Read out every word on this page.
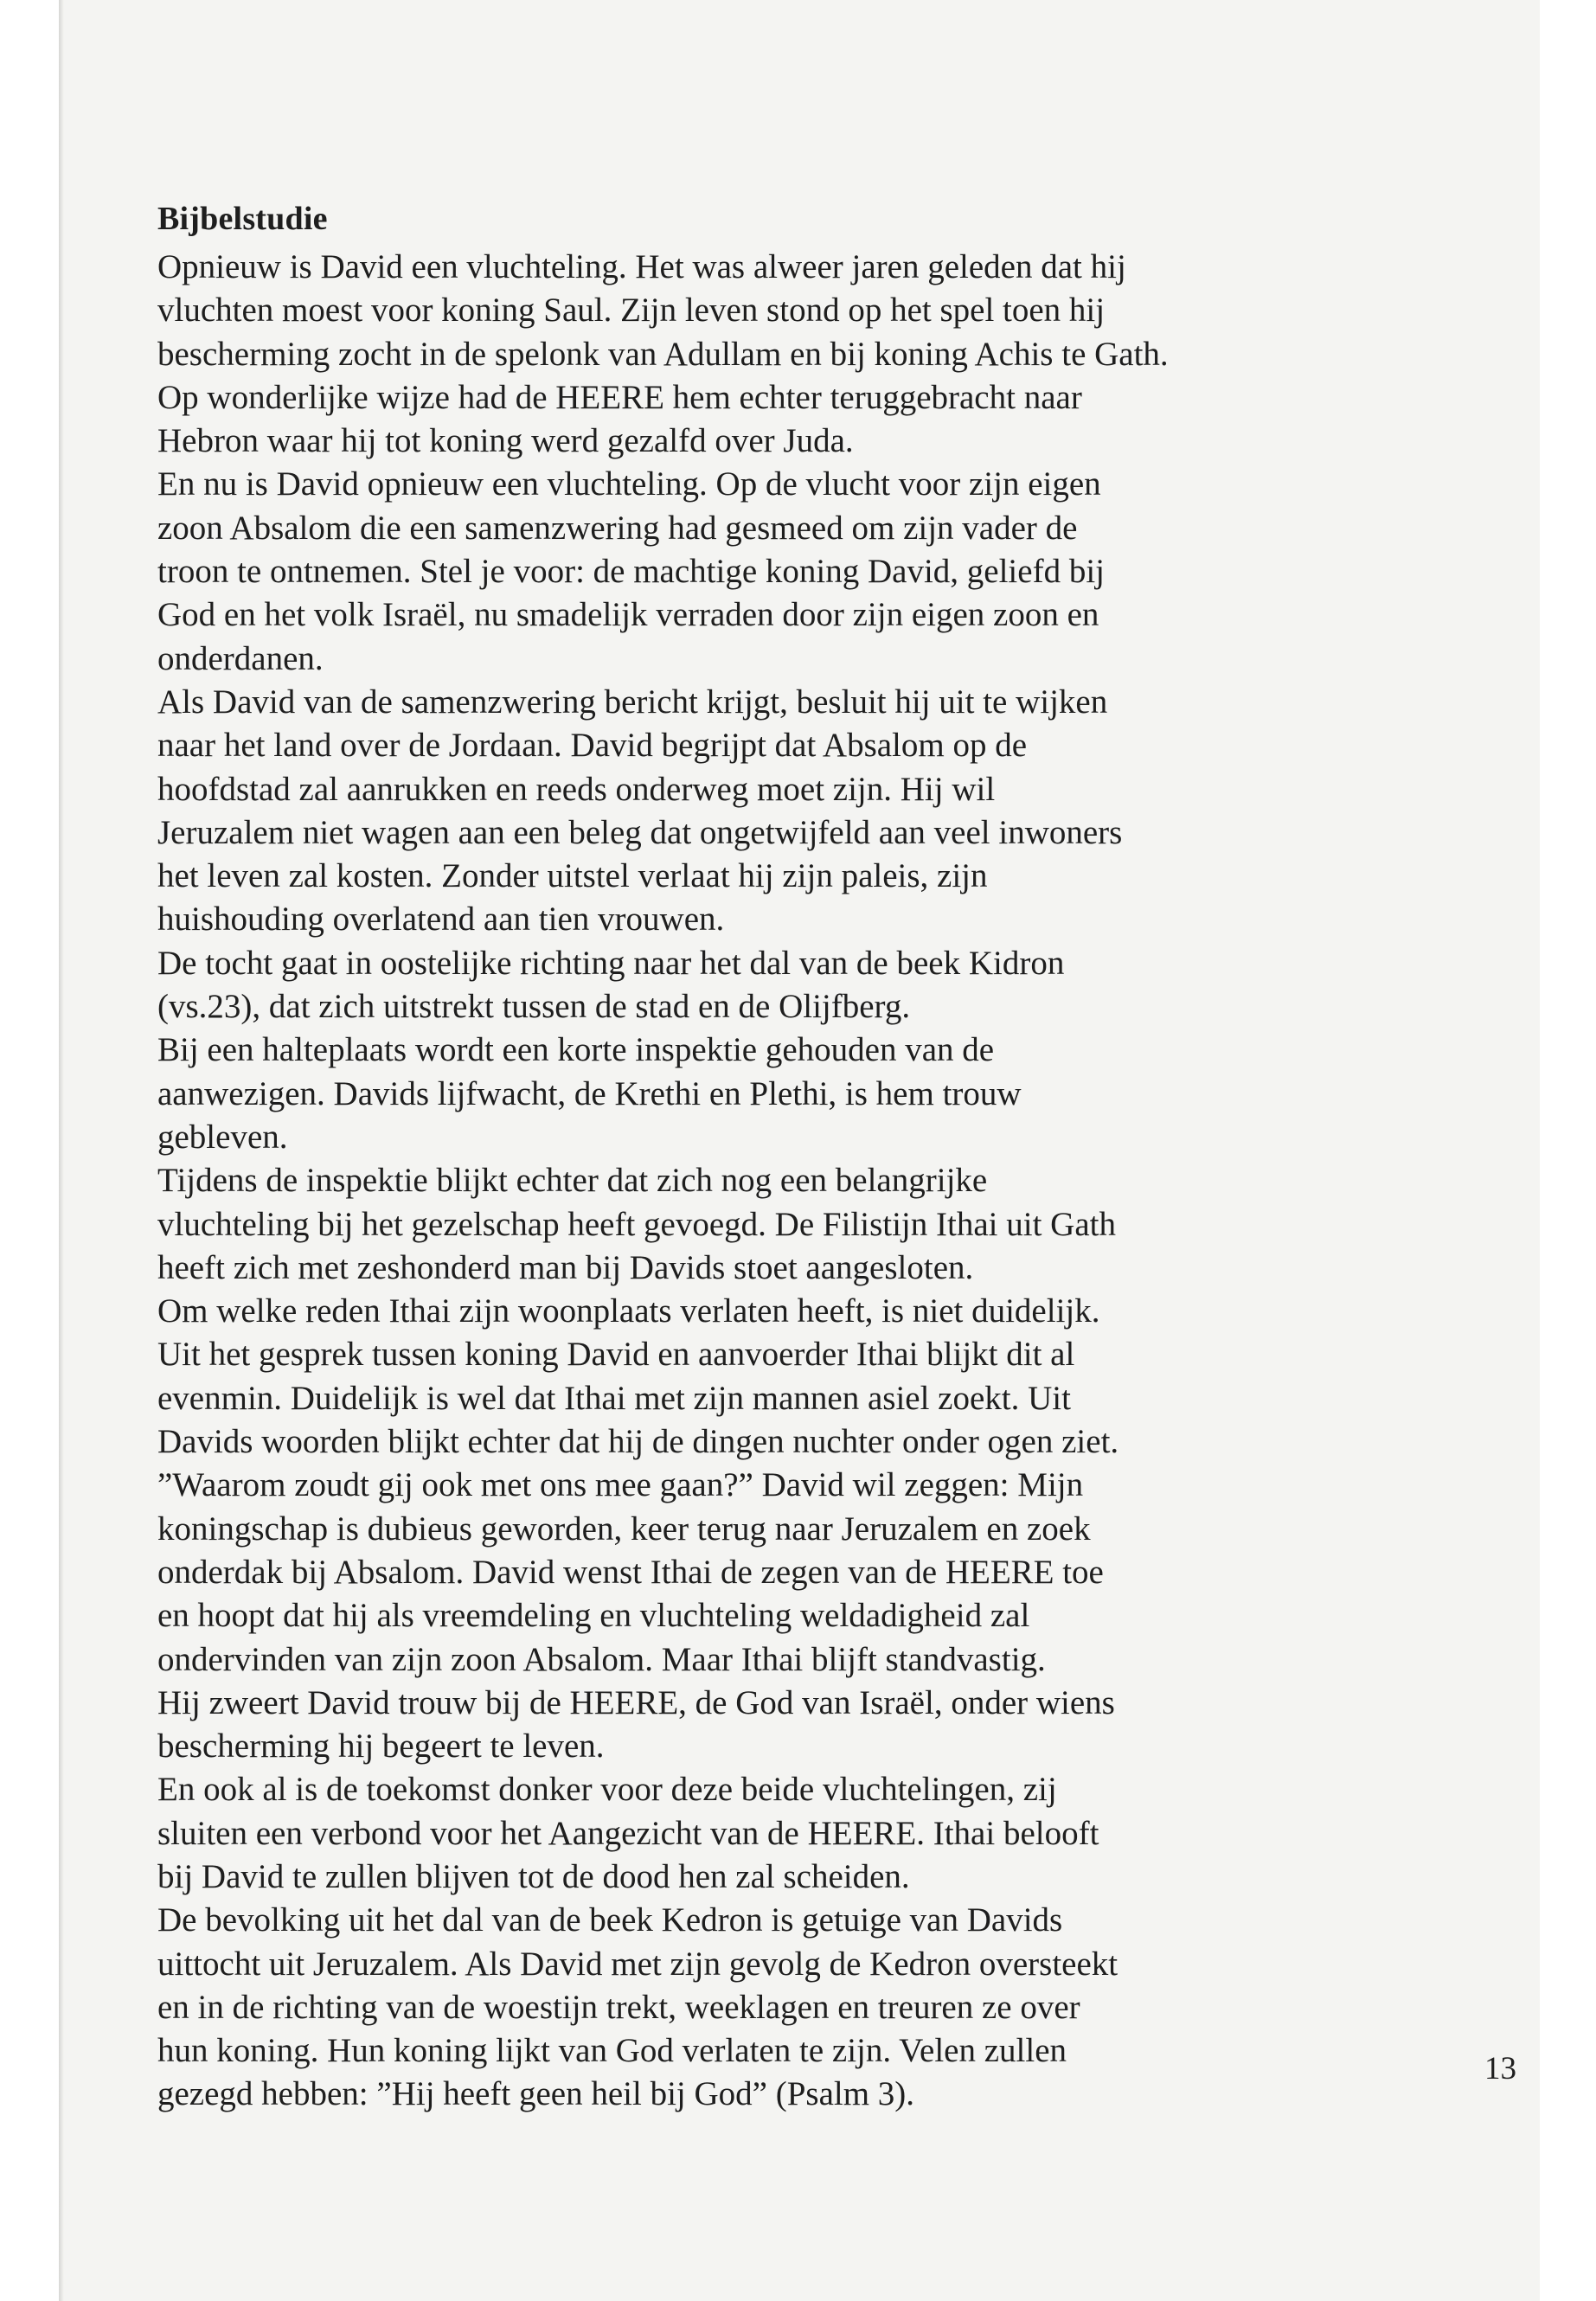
Bijbelstudie
Opnieuw is David een vluchteling. Het was alweer jaren geleden dat hij
vluchten moest voor koning Saul. Zijn leven stond op het spel toen hij
bescherming zocht in de spelonk van Adullam en bij koning Achis te Gath.
Op wonderlijke wijze had de HEERE hem echter teruggebracht naar
Hebron waar hij tot koning werd gezalfd over Juda.
En nu is David opnieuw een vluchteling. Op de vlucht voor zijn eigen
zoon Absalom die een samenzwering had gesmeed om zijn vader de
troon te ontnemen. Stel je voor: de machtige koning David, geliefd bij
God en het volk Israël, nu smadelijk verraden door zijn eigen zoon en
onderdanen.
Als David van de samenzwering bericht krijgt, besluit hij uit te wijken
naar het land over de Jordaan. David begrijpt dat Absalom op de
hoofdstad zal aanrukken en reeds onderweg moet zijn. Hij wil
Jeruzalem niet wagen aan een beleg dat ongetwijfeld aan veel inwoners
het leven zal kosten. Zonder uitstel verlaat hij zijn paleis, zijn
huishouding overlatend aan tien vrouwen.
De tocht gaat in oostelijke richting naar het dal van de beek Kidron
(vs.23), dat zich uitstrekt tussen de stad en de Olijfberg.
Bij een halteplaats wordt een korte inspektie gehouden van de
aanwezigen. Davids lijfwacht, de Krethi en Plethi, is hem trouw
gebleven.
Tijdens de inspektie blijkt echter dat zich nog een belangrijke
vluchteling bij het gezelschap heeft gevoegd. De Filistijn Ithai uit Gath
heeft zich met zeshonderd man bij Davids stoet aangesloten.
Om welke reden Ithai zijn woonplaats verlaten heeft, is niet duidelijk.
Uit het gesprek tussen koning David en aanvoerder Ithai blijkt dit al
evenmin. Duidelijk is wel dat Ithai met zijn mannen asiel zoekt. Uit
Davids woorden blijkt echter dat hij de dingen nuchter onder ogen ziet.
”Waarom zoudt gij ook met ons mee gaan?” David wil zeggen: Mijn
koningschap is dubieus geworden, keer terug naar Jeruzalem en zoek
onderdak bij Absalom. David wenst Ithai de zegen van de HEERE toe
en hoopt dat hij als vreemdeling en vluchteling weldadigheid zal
ondervinden van zijn zoon Absalom. Maar Ithai blijft standvastig.
Hij zweert David trouw bij de HEERE, de God van Israël, onder wiens
bescherming hij begeert te leven.
En ook al is de toekomst donker voor deze beide vluchtelingen, zij
sluiten een verbond voor het Aangezicht van de HEERE. Ithai belooft
bij David te zullen blijven tot de dood hen zal scheiden.
De bevolking uit het dal van de beek Kedron is getuige van Davids
uittocht uit Jeruzalem. Als David met zijn gevolg de Kedron oversteekt
en in de richting van de woestijn trekt, weeklagen en treuren ze over
hun koning. Hun koning lijkt van God verlaten te zijn. Velen zullen
gezegd hebben: ”Hij heeft geen heil bij God” (Psalm 3).
13
